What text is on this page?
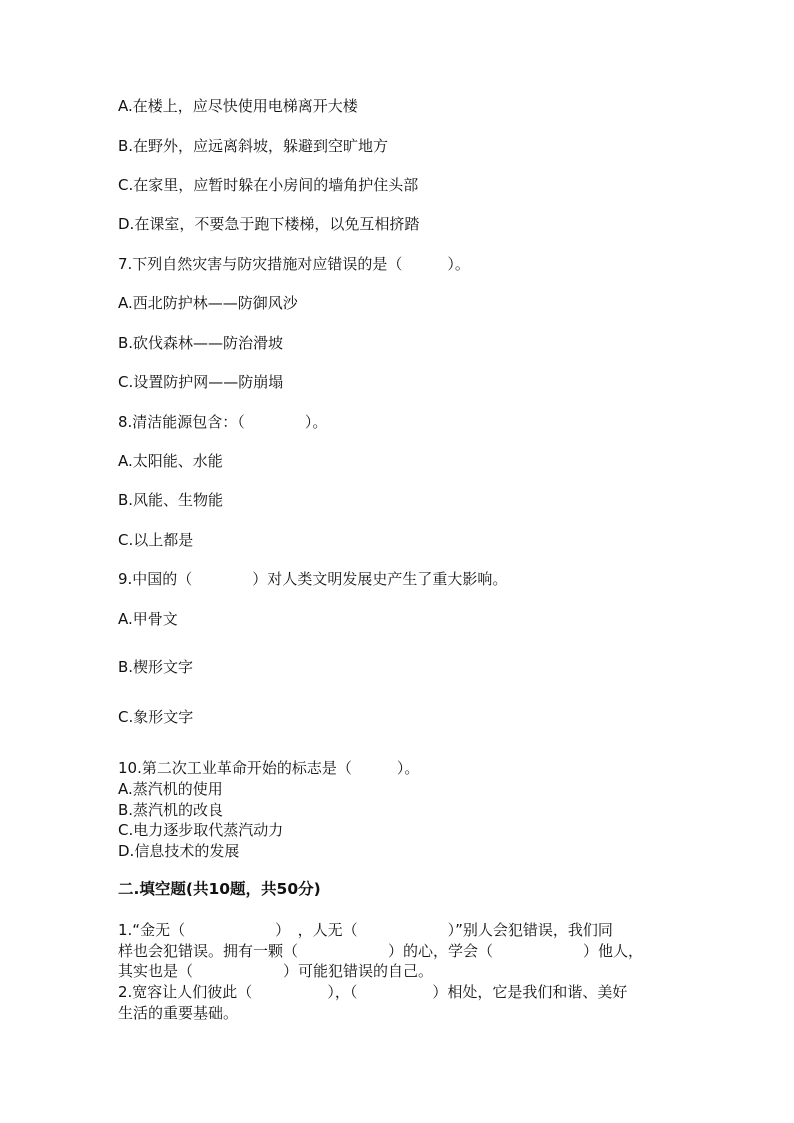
A.在楼上，应尽快使用电梯离开大楼

B.在野外，应远离斜坡，躲避到空旷地方

C.在家里，应暂时躲在小房间的墙角护住头部

D.在课室，不要急于跑下楼梯，以免互相挤踏

7.下列自然灾害与防灾措施对应错误的是（　　　）。

A.西北防护林——防御风沙

B.砍伐森林——防治滑坡

C.设置防护网——防崩塌

8.清洁能源包含：（　　　　）。

A.太阳能、水能

B.风能、生物能

C.以上都是

9.中国的（　　　　）对人类文明发展史产生了重大影响。

A.甲骨文

B.楔形文字

C.象形文字

10.第二次工业革命开始的标志是（　　　）。

A.蒸汽机的使用

B.蒸汽机的改良

C.电力逐步取代蒸汽动力

D.信息技术的发展

二.填空题(共10题，共50分)

1.“金无（　　　　　　）　，人无（　　　　　　）”别人会犯错误，我们同

样也会犯错误。拥有一颗（　　　　　　）的心，学会（　　　　　　）他人，

其实也是（　　　　　　）可能犯错误的自己。

2.宽容让人们彼此（　　　　　），（　　　　　）相处，它是我们和谐、美好

生活的重要基础。
